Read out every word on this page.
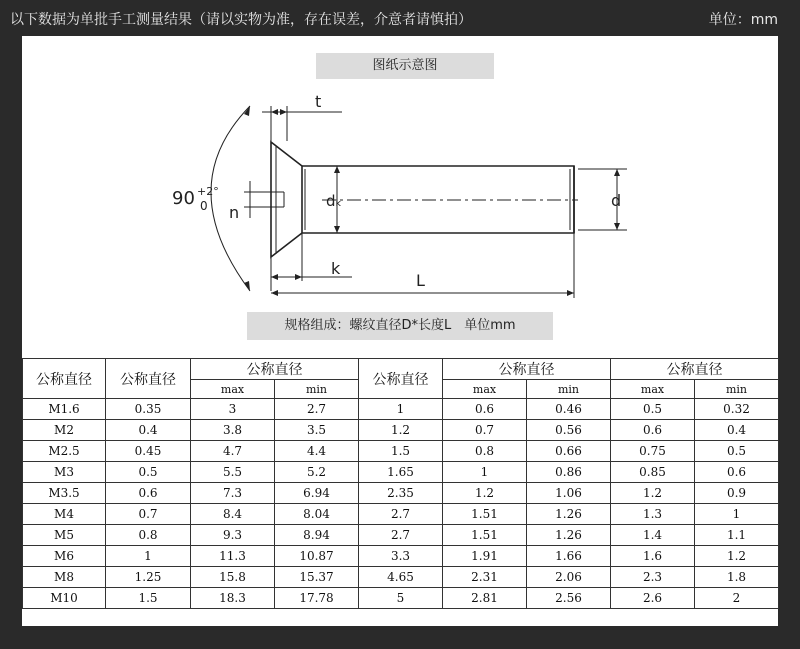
以下数据为单批手工测量结果（请以实物为准，存在误差，介意者请慎拍）	单位：mm
图纸示意图
t
dₖ	d
n
k
L
90 +2°
0
规格组成：螺纹直径D*长度L　单位mm
公称直径	公称直径	公称直径		公称直径	公称直径		公称直径	
		max	min		max	min	max	min
M1.6	0.35	3	2.7	1	0.6	0.46	0.5	0.32
M2	0.4	3.8	3.5	1.2	0.7	0.56	0.6	0.4
M2.5	0.45	4.7	4.4	1.5	0.8	0.66	0.75	0.5
M3	0.5	5.5	5.2	1.65	1	0.86	0.85	0.6
M3.5	0.6	7.3	6.94	2.35	1.2	1.06	1.2	0.9
M4	0.7	8.4	8.04	2.7	1.51	1.26	1.3	1
M5	0.8	9.3	8.94	2.7	1.51	1.26	1.4	1.1
M6	1	11.3	10.87	3.3	1.91	1.66	1.6	1.2
M8	1.25	15.8	15.37	4.65	2.31	2.06	2.3	1.8
M10	1.5	18.3	17.78	5	2.81	2.56	2.6	2
